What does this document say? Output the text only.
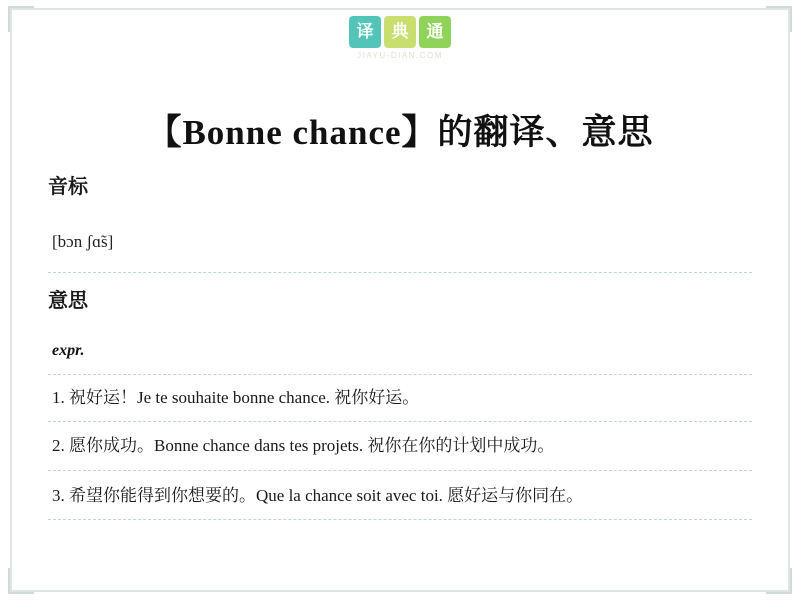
译	典	通
JIAYU-DIAN.COM
【Bonne chance】的翻译、意思
音标
[bɔn ʃɑ̃s]
意思
expr.
1. 祝好运！Je te souhaite bonne chance. 祝你好运。
2. 愿你成功。Bonne chance dans tes projets. 祝你在你的计划中成功。
3. 希望你能得到你想要的。Que la chance soit avec toi. 愿好运与你同在。
